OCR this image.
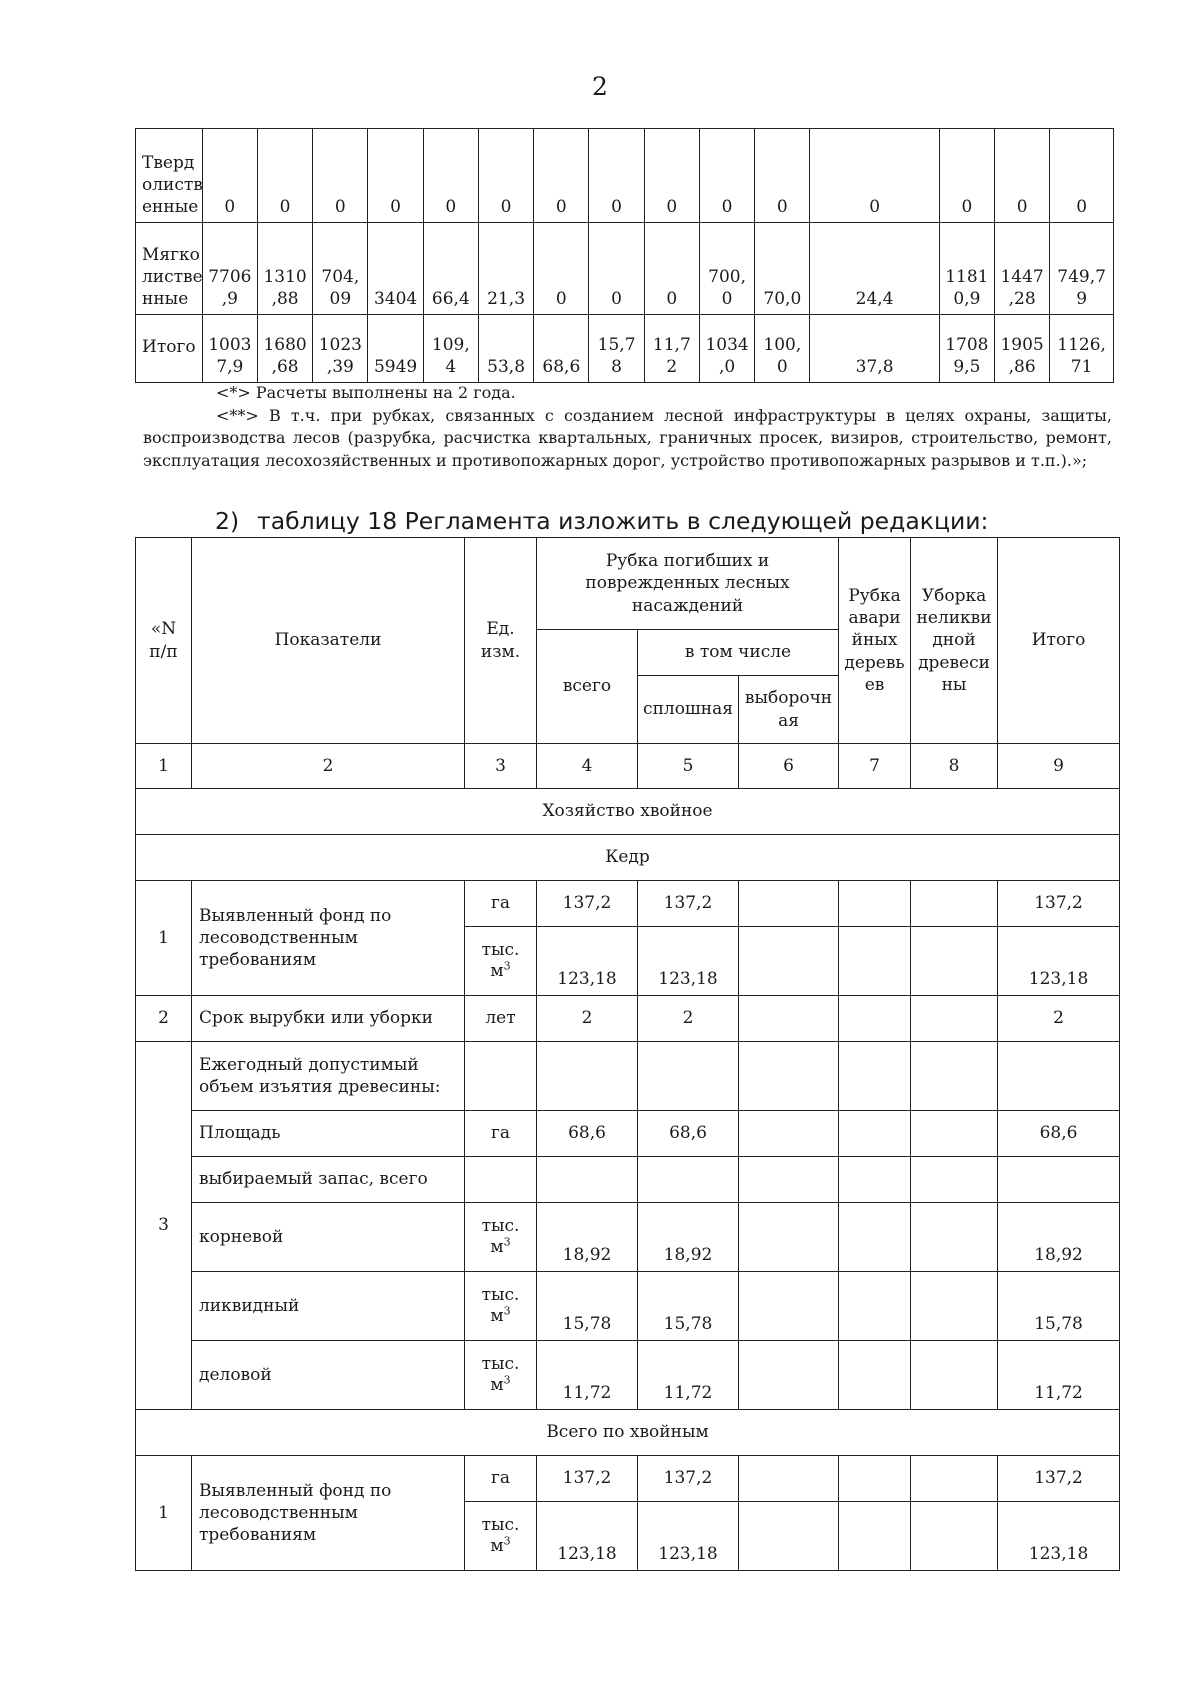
2
Тверд олиств енные	0	0	0	0	0	0	0	0	0	0	0	0	0	0	0
Мягко листве нные	7706 ,9	1310 ,88	704, 09	3404	66,4	21,3	0	0	0	700, 0	70,0	24,4	1181 0,9	1447 ,28	749,7 9
Итого	1003 7,9	1680 ,68	1023 ,39	5949	109, 4	53,8	68,6	15,7 8	11,7 2	1034 ,0	100, 0	37,8	1708 9,5	1905 ,86	1126, 71

<*> Расчеты выполнены на 2 года.

<**> В т.ч. при рубках, связанных с созданием лесной инфраструктуры в целях охраны, защиты, воспроизводства лесов (разрубка, расчистка квартальных, граничных просек, визиров, строительство, ремонт, эксплуатация лесохозяйственных и противопожарных дорог, устройство противопожарных разрывов и т.п.).»;

2) таблицу 18 Регламента изложить в следующей редакции:
«N п/п	Показатели	Ед. изм.	Рубка погибших и поврежденных лесных насаждений			Рубка авари йных деревь ев	Уборка неликви дной древеси ны	Итого
			всего	в том числе				
				сплошная	выборочн ая			
1	2	3	4	5	6	7	8	9
Хозяйство хвойное								
Кедр								
1	Выявленный фонд по лесоводственным требованиям	га	137,2	137,2				137,2
		тыс. $м^3$	123,18	123,18				123,18
2	Срок вырубки или уборки	лет	2	2				2
3	Ежегодный допустимый объем изъятия древесины:							
	Площадь	га	68,6	68,6				68,6
	выбираемый запас, всего							
	корневой	тыс. $м^3$	18,92	18,92				18,92
	ликвидный	тыс. $м^3$	15,78	15,78				15,78
	деловой	тыс. $м^3$	11,72	11,72				11,72
Всего по хвойным								
1	Выявленный фонд по лесоводственным требованиям	га	137,2	137,2				137,2
		тыс. $м^3$	123,18	123,18				123,18
